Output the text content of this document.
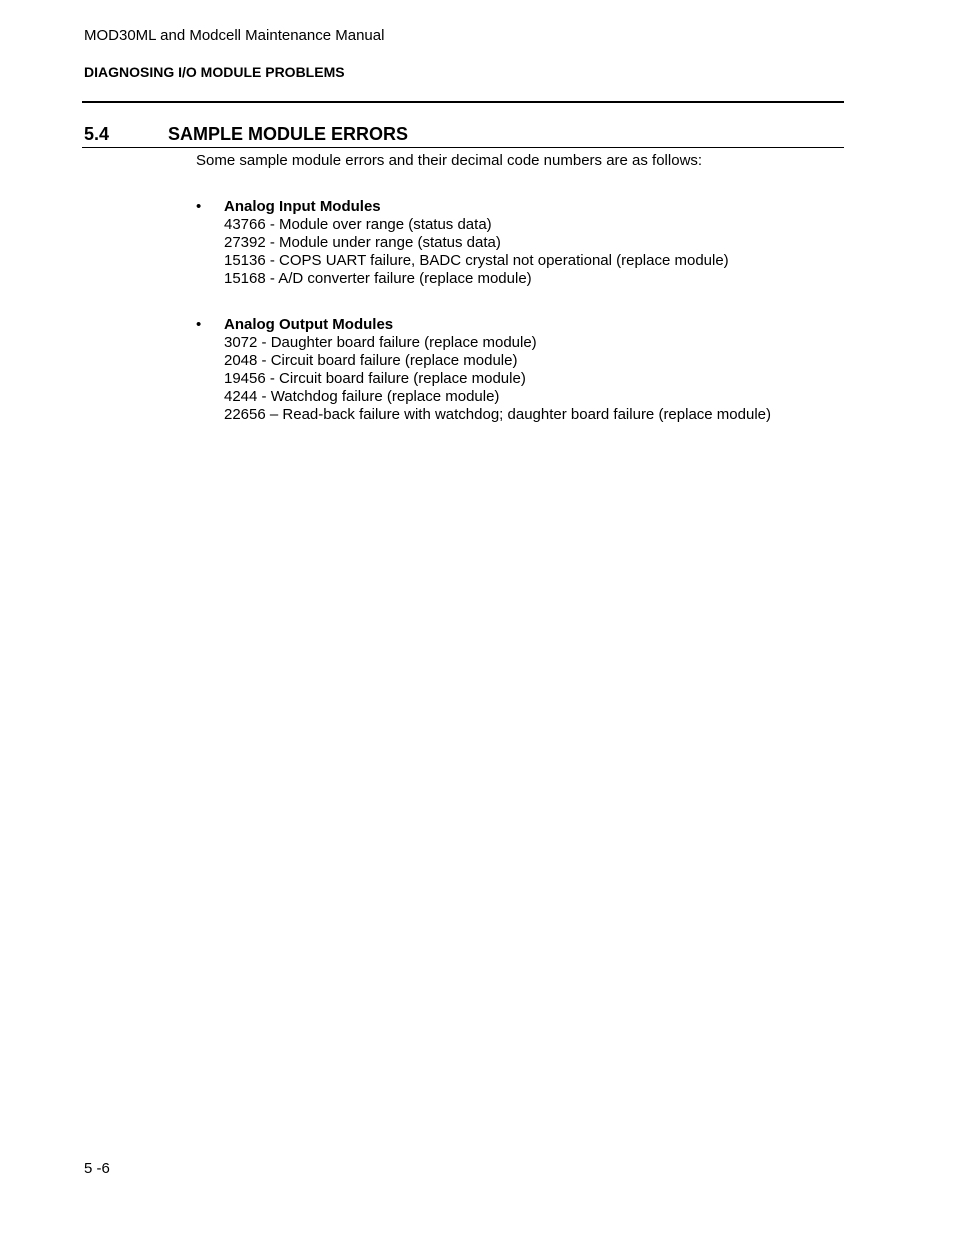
MOD30ML and Modcell Maintenance Manual
DIAGNOSING I/O MODULE PROBLEMS
5.4	SAMPLE MODULE ERRORS
Some sample module errors and their decimal code numbers are as follows:
• Analog Input Modules
43766 - Module over range (status data)
27392 - Module under range (status data)
15136 - COPS UART failure, BADC crystal not operational (replace module)
15168 - A/D converter failure (replace module)
• Analog Output Modules
3072 - Daughter board failure (replace module)
2048 - Circuit board failure (replace module)
19456 - Circuit board failure (replace module)
4244 - Watchdog failure (replace module)
22656 – Read-back failure with watchdog; daughter board failure (replace module)
5 -6
